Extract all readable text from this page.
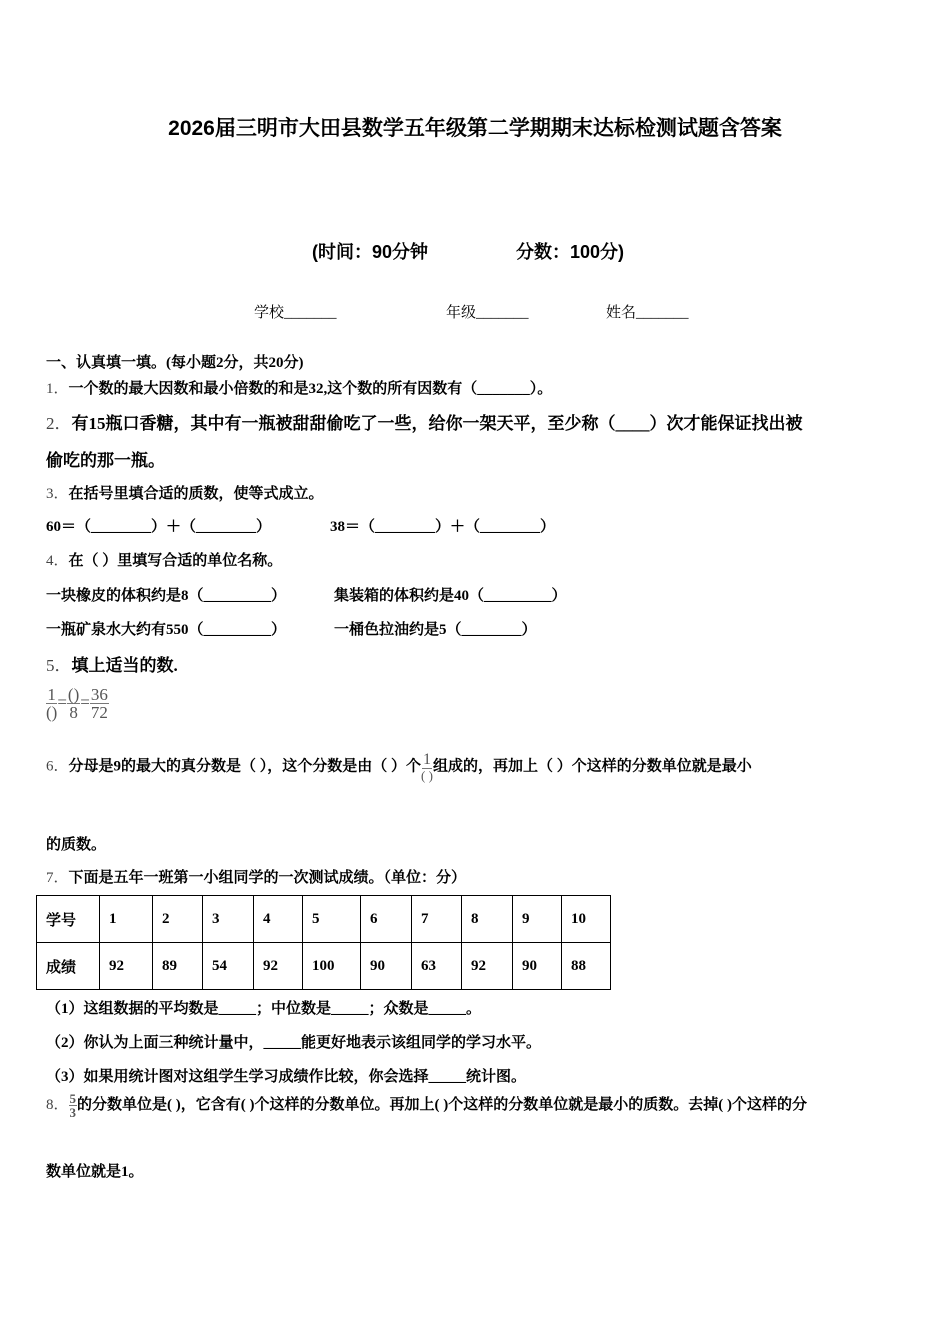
2026届三明市大田县数学五年级第二学期期末达标检测试题含答案
(时间：90分钟	分数：100分)
学校_______	年级_______	姓名_______
一、认真填一填。(每小题2分，共20分)
1．一个数的最大因数和最小倍数的和是32,这个数的所有因数有（_______）。
2．有15瓶口香糖，其中有一瓶被甜甜偷吃了一些，给你一架天平，至少称（____）次才能保证找出被
偷吃的那一瓶。
3．在括号里填合适的质数，使等式成立。
60＝（________）＋（________）	38＝（________）＋（________）
4．在（ ）里填写合适的单位名称。
一块橡皮的体积约是8（_________）	集装箱的体积约是40（_________）
一瓶矿泉水大约有550（_________）	一桶色拉油约是5（________）
5．填上适当的数.
$\frac{1}{()} = \frac{()}{8} = \frac{36}{72}$
6．分母是9的最大的真分数是（ ），这个分数是由（ ）个 $\frac{1}{( )}$ 组成的，再加上（ ）个这样的分数单位就是最小
的质数。
7．下面是五年一班第一小组同学的一次测试成绩。（单位：分）
学号	1	2	3	4	5	6	7	8	9	10
成绩	92	89	54	92	100	90	63	92	90	88
（1）这组数据的平均数是_____；中位数是_____；众数是_____。
（2）你认为上面三种统计量中，_____能更好地表示该组同学的学习水平。
（3）如果用统计图对这组学生学习成绩作比较，你会选择_____统计图。
8． $\frac{5}{3}$ 的分数单位是( )，它含有( )个这样的分数单位。再加上( )个这样的分数单位就是最小的质数。去掉( )个这样的分
数单位就是1。
